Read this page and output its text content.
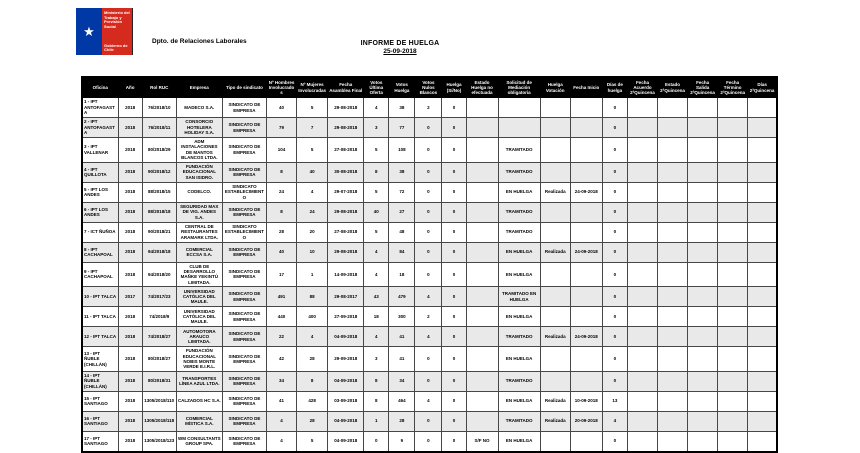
★
Ministerio del Trabajo y Previsión Social
Gobierno de Chile
Dpto. de Relaciones Laborales	INFORME DE HUELGA
25-09-2018
Oficina	Año	Rol RUC	Empresa	Tipo de sindicato	Nº Hombres Involucrados	Nº Mujeres Involucradas	Fecha Asamblea Final	Votos Última Oferta	Votos Huelga	Votos Nulos Blancos	Huelga (Sí/No)	Estado Huelga no efectuada	Solicitud de Mediación obligatoria	Huelga Votación	Fecha Inicio	Días de huelga	Fecha Acuerdo 2ªQuincena	Estado 2ªQuincena	Fecha Salida 2ªQuincena	Fecha Término 2ªQuincena	Días 2ªQuincena
1 - IPT ANTOFAGASTA	2018	76/2018/10	MADECO S.A.	SINDICATO DE EMPRESA	40	5	29-08-2018	4	38	2	0					0					
2 - IPT ANTOFAGASTA	2018	76/2018/11	CONSORCIO HOTELERA HOLIDAY S.A.	SINDICATO DE EMPRESA	79	7	29-08-2018	3	77	0	0					0					
3 - IPT VALLENAR	2018	80/2018/29	ADM INSTALACIONES DE MANTOS BLANCOS LTDA.	SINDICATO DE EMPRESA	104	5	27-08-2018	5	108	0	0		TRAMITADO			0					
4 - IPT QUILLOTA	2018	90/2018/12	FUNDACIÓN EDUCACIONAL SAN ISIDRO.	SINDICATO DE EMPRESA	8	40	30-08-2018	8	38	0	0		TRAMITADO			0					
5 - IPT LOS ANDES	2018	88/2018/15	CODELCO.	SINDICATO ESTABLECIMIENTO	24	4	29-07-2018	5	72	0	0		EN HUELGA	Realizada	24-09-2018	0					
6 - IPT LOS ANDES	2018	88/2018/18	SEGURIDAD MAX DE VIG. ANDES S.A.	SINDICATO DE EMPRESA	8	24	29-08-2018	40	27	0	0		TRAMITADO			0					
7 - ICT ÑUÑOA	2018	90/2018/21	CENTRAL DE RESTAURANTES ARAMARK LTDA.	SINDICATO ESTABLECIMIENTO	28	20	27-08-2018	5	48	0	0		TRAMITADO			0					
8 - IPT CACHAPOAL	2018	94/2018/18	COMERCIAL ECCSA S.A.	SINDICATO DE EMPRESA	40	10	29-08-2018	4	84	0	0		EN HUELGA	Realizada	24-09-2018	0					
9 - IPT CACHAPOAL	2018	94/2018/20	CLUB DE DESARROLLO MAÑKE YEKINTÚ LIMITADA.	SINDICATO DE EMPRESA	17	1	14-09-2018	4	18	0	0		EN HUELGA			0					
10 - IPT TALCA	2017	74/2017/23	UNIVERSIDAD CATÓLICA DEL MAULE.	SINDICATO DE EMPRESA	491	88	29-08-2017	43	479	4	0		TRAMITADO EN HUELGA			0					
11 - IPT TALCA	2018	74/2018/9	UNIVERSIDAD CATÓLICA DEL MAULE.	SINDICATO DE EMPRESA	440	400	27-09-2018	18	300	2	0		EN HUELGA			0					
12 - IPT TALCA	2018	74/2018/27	AUTOMOTORA ARAUCO LIMITADA.	SINDICATO DE EMPRESA	22	4	04-09-2018	4	41	4	0		TRAMITADO	Realizada	24-09-2018	0					
13 - IPT ÑUBLE (CHILLÁN)	2018	80/2018/27	FUNDACIÓN EDUCACIONAL NOBIS MONTE VERDE E.I.R.L.	SINDICATO DE EMPRESA	42	28	29-09-2018	3	41	0	0		EN HUELGA			0					
14 - IPT ÑUBLE (CHILLÁN)	2018	80/2018/31	TRANSPORTES LÍNEA AZUL LTDA.	SINDICATO DE EMPRESA	34	8	04-09-2018	8	34	0	0		TRAMITADO			0					
15 - IPT SANTIAGO	2018	1305/2018/110	CALZADOS HC S.A.	SINDICATO DE EMPRESA	41	428	03-09-2018	8	464	4	0		EN HUELGA	Realizada	10-09-2018	13					
16 - IPT SANTIAGO	2018	1305/2018/118	COMERCIAL MÍSTICA S.A.	SINDICATO DE EMPRESA	4	28	04-09-2018	1	28	0	0		TRAMITADO	Realizada	20-09-2018	4					
17 - IPT SANTIAGO	2018	1305/2018/123	WM CONSULTANTS GROUP SPA.	SINDICATO DE EMPRESA	4	5	04-09-2018	0	9	0	0	S/F NO	EN HUELGA			0					
